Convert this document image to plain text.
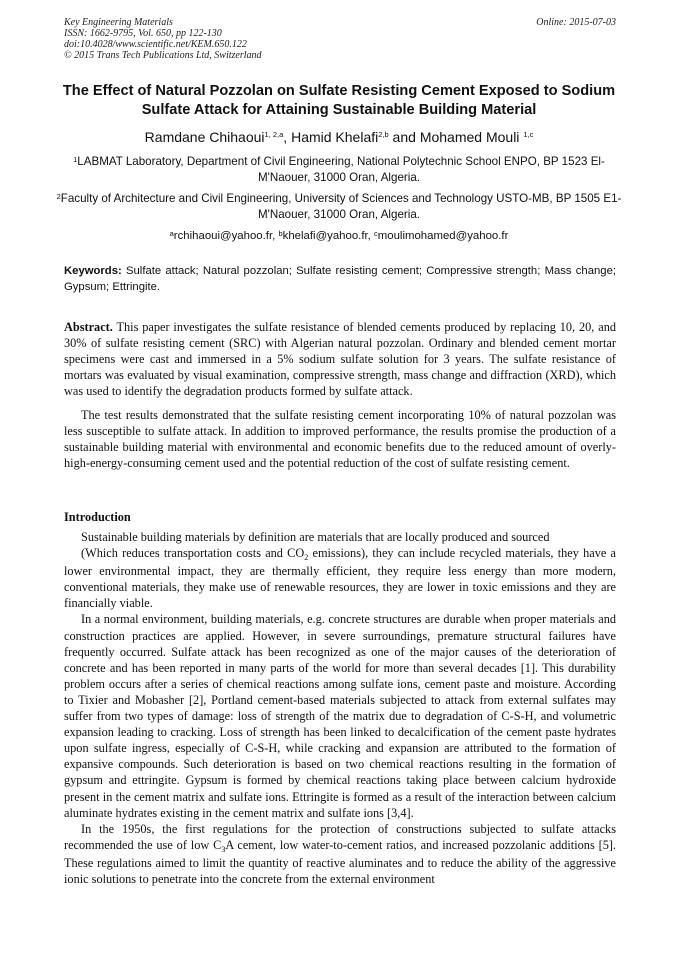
Key Engineering Materials
ISSN: 1662-9795, Vol. 650, pp 122-130
doi:10.4028/www.scientific.net/KEM.650.122
© 2015 Trans Tech Publications Ltd, Switzerland
Online: 2015-07-03
The Effect of Natural Pozzolan on Sulfate Resisting Cement Exposed to Sodium Sulfate Attack for Attaining Sustainable Building Material
Ramdane Chihaoui$^{1, 2,a}$, Hamid Khelafi$^{2,b}$ and Mohamed Mouli $^{1,c}$
$^1$LABMAT Laboratory, Department of Civil Engineering, National Polytechnic School ENPO, BP 1523 El-M'Naouer, 31000 Oran, Algeria.
$^2$Faculty of Architecture and Civil Engineering, University of Sciences and Technology USTO-MB, BP 1505 E1-M'Naouer, 31000 Oran, Algeria.
$^a$rchihaoui@yahoo.fr, $^b$khelafi@yahoo.fr, $^c$moulimohamed@yahoo.fr
Keywords: Sulfate attack; Natural pozzolan; Sulfate resisting cement; Compressive strength; Mass change; Gypsum; Ettringite.
Abstract. This paper investigates the sulfate resistance of blended cements produced by replacing 10, 20, and 30% of sulfate resisting cement (SRC) with Algerian natural pozzolan. Ordinary and blended cement mortar specimens were cast and immersed in a 5% sodium sulfate solution for 3 years. The sulfate resistance of mortars was evaluated by visual examination, compressive strength, mass change and diffraction (XRD), which was used to identify the degradation products formed by sulfate attack.
The test results demonstrated that the sulfate resisting cement incorporating 10% of natural pozzolan was less susceptible to sulfate attack. In addition to improved performance, the results promise the production of a sustainable building material with environmental and economic benefits due to the reduced amount of overly-high-energy-consuming cement used and the potential reduction of the cost of sulfate resisting cement.
Introduction

Sustainable building materials by definition are materials that are locally produced and sourced

(Which reduces transportation costs and $CO_2$ emissions), they can include recycled materials, they have a lower environmental impact, they are thermally efficient, they require less energy than more modern, conventional materials, they make use of renewable resources, they are lower in toxic emissions and they are financially viable.

In a normal environment, building materials, e.g. concrete structures are durable when proper materials and construction practices are applied. However, in severe surroundings, premature structural failures have frequently occurred. Sulfate attack has been recognized as one of the major causes of the deterioration of concrete and has been reported in many parts of the world for more than several decades [1]. This durability problem occurs after a series of chemical reactions among sulfate ions, cement paste and moisture. According to Tixier and Mobasher [2], Portland cement-based materials subjected to attack from external sulfates may suffer from two types of damage: loss of strength of the matrix due to degradation of C-S-H, and volumetric expansion leading to cracking. Loss of strength has been linked to decalcification of the cement paste hydrates upon sulfate ingress, especially of C-S-H, while cracking and expansion are attributed to the formation of expansive compounds. Such deterioration is based on two chemical reactions resulting in the formation of gypsum and ettringite. Gypsum is formed by chemical reactions taking place between calcium hydroxide present in the cement matrix and sulfate ions. Ettringite is formed as a result of the interaction between calcium aluminate hydrates existing in the cement matrix and sulfate ions [3,4].

In the 1950s, the first regulations for the protection of constructions subjected to sulfate attacks recommended the use of low $C_3A$ cement, low water-to-cement ratios, and increased pozzolanic additions [5]. These regulations aimed to limit the quantity of reactive aluminates and to reduce the ability of the aggressive ionic solutions to penetrate into the concrete from the external environment
